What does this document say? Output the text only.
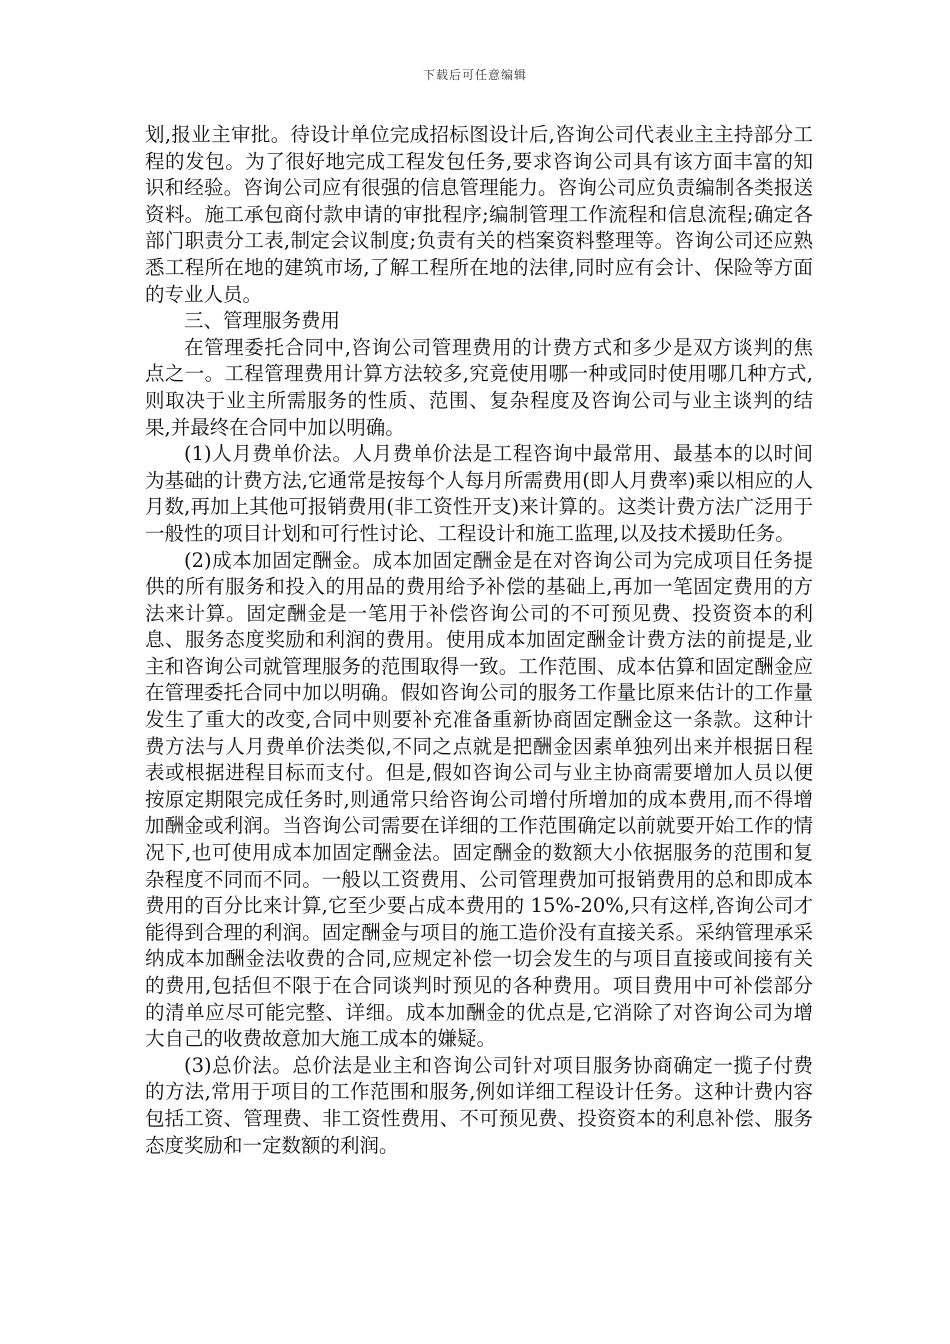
下载后可任意编辑

划,报业主审批。待设计单位完成招标图设计后,咨询公司代表业主主持部分工程的发包。为了很好地完成工程发包任务,要求咨询公司具有该方面丰富的知识和经验。咨询公司应有很强的信息管理能力。咨询公司应负责编制各类报送资料。施工承包商付款申请的审批程序;编制管理工作流程和信息流程;确定各部门职责分工表,制定会议制度;负责有关的档案资料整理等。咨询公司还应熟悉工程所在地的建筑市场,了解工程所在地的法律,同时应有会计、保险等方面的专业人员。

三、管理服务费用

在管理委托合同中,咨询公司管理费用的计费方式和多少是双方谈判的焦点之一。工程管理费用计算方法较多,究竟使用哪一种或同时使用哪几种方式,则取决于业主所需服务的性质、范围、复杂程度及咨询公司与业主谈判的结果,并最终在合同中加以明确。

(1)人月费单价法。人月费单价法是工程咨询中最常用、最基本的以时间为基础的计费方法,它通常是按每个人每月所需费用(即人月费率)乘以相应的人月数,再加上其他可报销费用(非工资性开支)来计算的。这类计费方法广泛用于一般性的项目计划和可行性讨论、工程设计和施工监理,以及技术援助任务。

(2)成本加固定酬金。成本加固定酬金是在对咨询公司为完成项目任务提供的所有服务和投入的用品的费用给予补偿的基础上,再加一笔固定费用的方法来计算。固定酬金是一笔用于补偿咨询公司的不可预见费、投资资本的利息、服务态度奖励和利润的费用。使用成本加固定酬金计费方法的前提是,业主和咨询公司就管理服务的范围取得一致。工作范围、成本估算和固定酬金应在管理委托合同中加以明确。假如咨询公司的服务工作量比原来估计的工作量发生了重大的改变,合同中则要补充准备重新协商固定酬金这一条款。这种计费方法与人月费单价法类似,不同之点就是把酬金因素单独列出来并根据日程表或根据进程目标而支付。但是,假如咨询公司与业主协商需要增加人员以便按原定期限完成任务时,则通常只给咨询公司增付所增加的成本费用,而不得增加酬金或利润。当咨询公司需要在详细的工作范围确定以前就要开始工作的情况下,也可使用成本加固定酬金法。固定酬金的数额大小依据服务的范围和复杂程度不同而不同。一般以工资费用、公司管理费加可报销费用的总和即成本费用的百分比来计算,它至少要占成本费用的 15%-20%,只有这样,咨询公司才能得到合理的利润。固定酬金与项目的施工造价没有直接关系。采纳管理承采纳成本加酬金法收费的合同,应规定补偿一切会发生的与项目直接或间接有关的费用,包括但不限于在合同谈判时预见的各种费用。项目费用中可补偿部分的清单应尽可能完整、详细。成本加酬金的优点是,它消除了对咨询公司为增大自己的收费故意加大施工成本的嫌疑。

(3)总价法。总价法是业主和咨询公司针对项目服务协商确定一揽子付费的方法,常用于项目的工作范围和服务,例如详细工程设计任务。这种计费内容包括工资、管理费、非工资性费用、不可预见费、投资资本的利息补偿、服务态度奖励和一定数额的利润。
